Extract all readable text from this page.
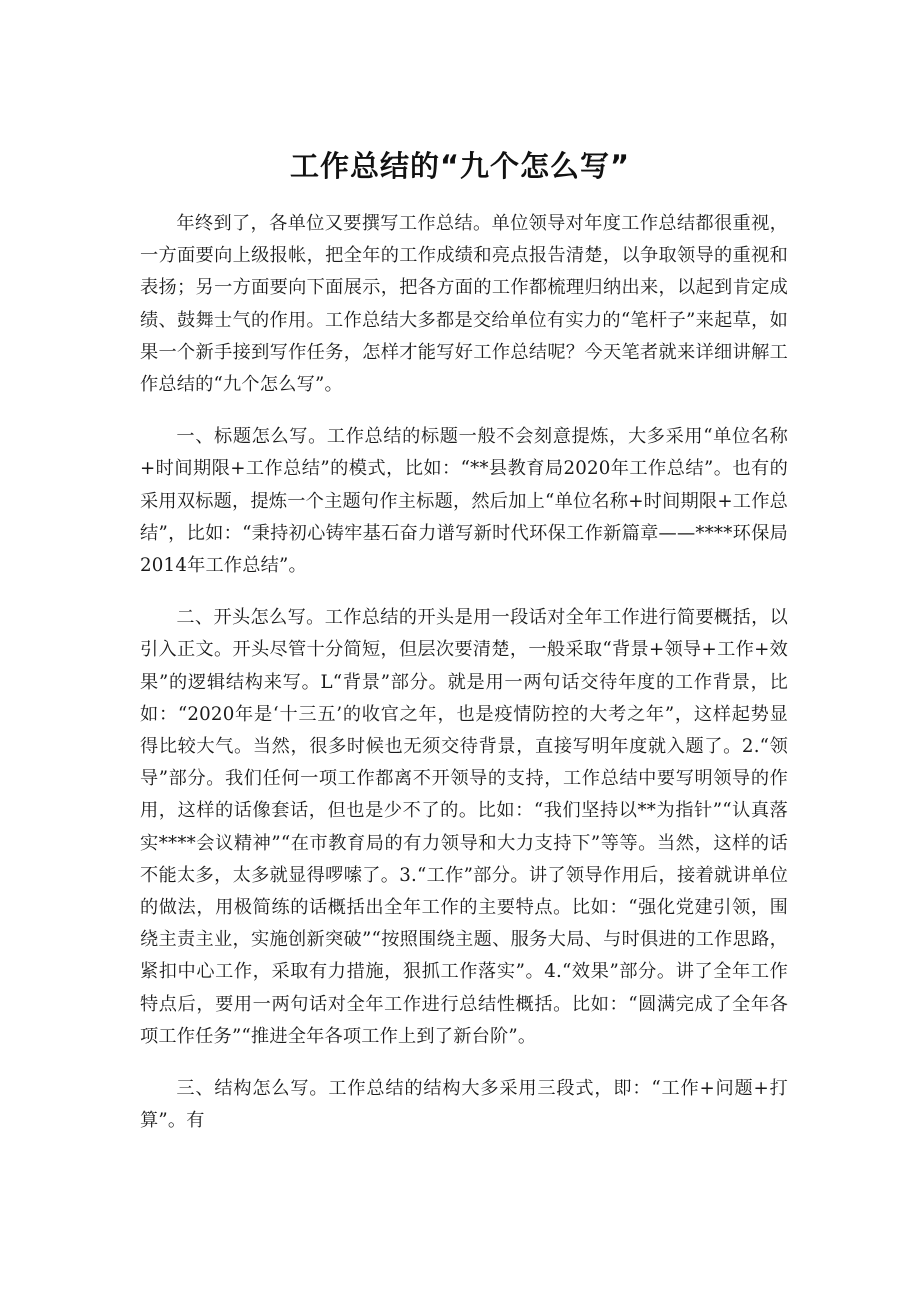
工作总结的“九个怎么写”

年终到了，各单位又要撰写工作总结。单位领导对年度工作总结都很重视，一方面要向上级报帐，把全年的工作成绩和亮点报告清楚，以争取领导的重视和表扬；另一方面要向下面展示，把各方面的工作都梳理归纳出来，以起到肯定成绩、鼓舞士气的作用。工作总结大多都是交给单位有实力的“笔杆子”来起草，如果一个新手接到写作任务，怎样才能写好工作总结呢？今天笔者就来详细讲解工作总结的“九个怎么写”。

一、标题怎么写。工作总结的标题一般不会刻意提炼，大多采用“单位名称+时间期限+工作总结”的模式，比如：“**县教育局2020年工作总结”。也有的采用双标题，提炼一个主题句作主标题，然后加上“单位名称+时间期限+工作总结”，比如：“秉持初心铸牢基石奋力谱写新时代环保工作新篇章——****环保局2014年工作总结”。

二、开头怎么写。工作总结的开头是用一段话对全年工作进行简要概括，以引入正文。开头尽管十分简短，但层次要清楚，一般采取“背景+领导+工作+效果”的逻辑结构来写。L“背景”部分。就是用一两句话交待年度的工作背景，比如：“2020年是‘十三五’的收官之年，也是疫情防控的大考之年”，这样起势显得比较大气。当然，很多时候也无须交待背景，直接写明年度就入题了。2.“领导”部分。我们任何一项工作都离不开领导的支持，工作总结中要写明领导的作用，这样的话像套话，但也是少不了的。比如：“我们坚持以**为指针”“认真落实****会议精神”“在市教育局的有力领导和大力支持下”等等。当然，这样的话不能太多，太多就显得啰嗦了。3.“工作”部分。讲了领导作用后，接着就讲单位的做法，用极简练的话概括出全年工作的主要特点。比如：“强化党建引领，围绕主责主业，实施创新突破”“按照围绕主题、服务大局、与时俱进的工作思路，紧扣中心工作，采取有力措施，狠抓工作落实”。4.“效果”部分。讲了全年工作特点后，要用一两句话对全年工作进行总结性概括。比如：“圆满完成了全年各项工作任务”“推进全年各项工作上到了新台阶”。

三、结构怎么写。工作总结的结构大多采用三段式，即：“工作+问题+打算”。有
